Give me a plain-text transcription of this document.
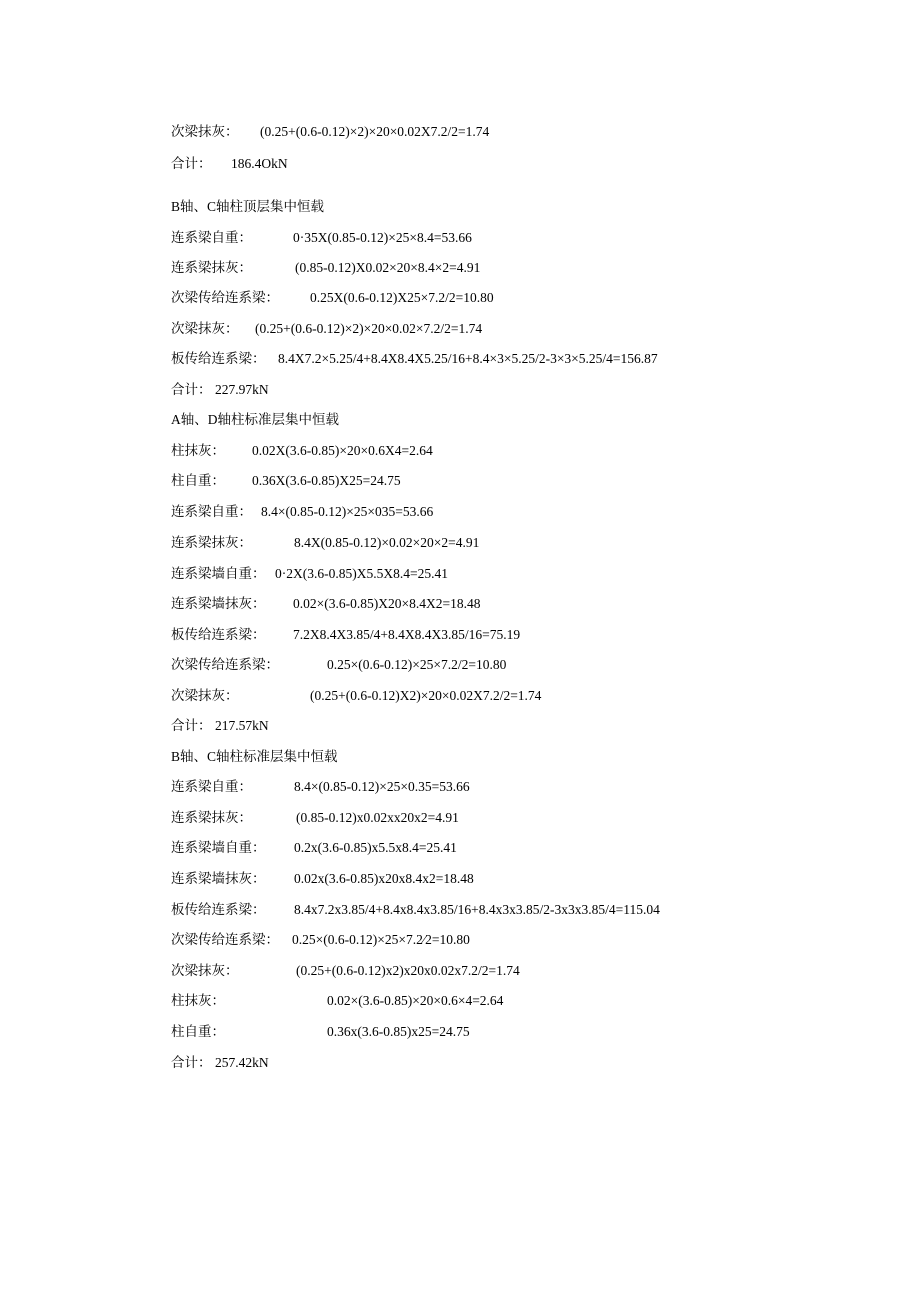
次梁抹灰： (0.25+(0.6-0.12)×2)×20×0.02X7.2/2=1.74
合计： 186.4OkN
B轴、C轴柱顶层集中恒载
连系梁自重：	0·35X(0.85-0.12)×25×8.4=53.66
连系梁抹灰：	(0.85-0.12)X0.02×20×8.4×2=4.91
次梁传给连系梁： 0.25X(0.6-0.12)X25×7.2/2=10.80
次梁抹灰： (0.25+(0.6-0.12)×2)×20×0.02×7.2/2=1.74
板传给连系梁： 8.4X7.2×5.25/4+8.4X8.4X5.25/16+8.4×3×5.25/2-3×3×5.25/4=156.87
合计： 227.97kN
A轴、D轴柱标准层集中恒载
柱抹灰： 0.02X(3.6-0.85)×20×0.6X4=2.64
柱自重： 0.36X(3.6-0.85)X25=24.75
连系梁自重： 8.4×(0.85-0.12)×25×035=53.66
连系梁抹灰：	8.4X(0.85-0.12)×0.02×20×2=4.91
连系梁墙自重： 0·2X(3.6-0.85)X5.5X8.4=25.41
连系梁墙抹灰： 0.02×(3.6-0.85)X20×8.4X2=18.48
板传给连系梁： 7.2X8.4X3.85/4+8.4X8.4X3.85/16=75.19
次梁传给连系梁：	0.25×(0.6-0.12)×25×7.2/2=10.80
次梁抹灰：	(0.25+(0.6-0.12)X2)×20×0.02X7.2/2=1.74
合计： 217.57kN
B轴、C轴柱标准层集中恒载
连系梁自重：	8.4×(0.85-0.12)×25×0.35=53.66
连系梁抹灰：	(0.85-0.12)x0.02xx20x2=4.91
连系梁墙自重： 0.2x(3.6-0.85)x5.5x8.4=25.41
连系梁墙抹灰： 0.02x(3.6-0.85)x20x8.4x2=18.48
板传给连系梁： 8.4x7.2x3.85/4+8.4x8.4x3.85/16+8.4x3x3.85/2-3x3x3.85/4=115.04
次梁传给连系梁： 0.25×(0.6-0.12)×25×7.2⁄2=10.80
次梁抹灰：	(0.25+(0.6-0.12)x2)x20x0.02x7.2/2=1.74
柱抹灰：	0.02×(3.6-0.85)×20×0.6×4=2.64
柱自重：	0.36x(3.6-0.85)x25=24.75
合计： 257.42kN
